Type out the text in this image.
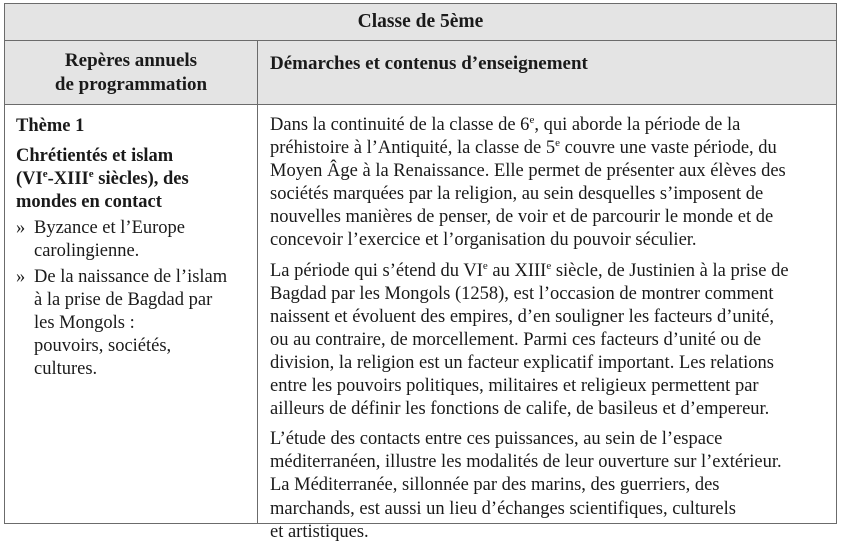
Classe de 5ème
Repères annuels
de programmation
Démarches et contenus d’enseignement
Thème 1
Chrétientés et islam
(VIe-XIIIe siècles), des
mondes en contact
» Byzance et l’Europe
carolingienne.
» De la naissance de l’islam
à la prise de Bagdad par
les Mongols :
pouvoirs, sociétés,
cultures.
Dans la continuité de la classe de 6e, qui aborde la période de la
préhistoire à l’Antiquité, la classe de 5e couvre une vaste période, du
Moyen Âge à la Renaissance. Elle permet de présenter aux élèves des
sociétés marquées par la religion, au sein desquelles s’imposent de
nouvelles manières de penser, de voir et de parcourir le monde et de
concevoir l’exercice et l’organisation du pouvoir séculier.
La période qui s’étend du VIe au XIIIe siècle, de Justinien à la prise de
Bagdad par les Mongols (1258), est l’occasion de montrer comment
naissent et évoluent des empires, d’en souligner les facteurs d’unité,
ou au contraire, de morcellement. Parmi ces facteurs d’unité ou de
division, la religion est un facteur explicatif important. Les relations
entre les pouvoirs politiques, militaires et religieux permettent par
ailleurs de définir les fonctions de calife, de basileus et d’empereur.
L’étude des contacts entre ces puissances, au sein de l’espace
méditerranéen, illustre les modalités de leur ouverture sur l’extérieur.
La Méditerranée, sillonnée par des marins, des guerriers, des
marchands, est aussi un lieu d’échanges scientifiques, culturels
et artistiques.
